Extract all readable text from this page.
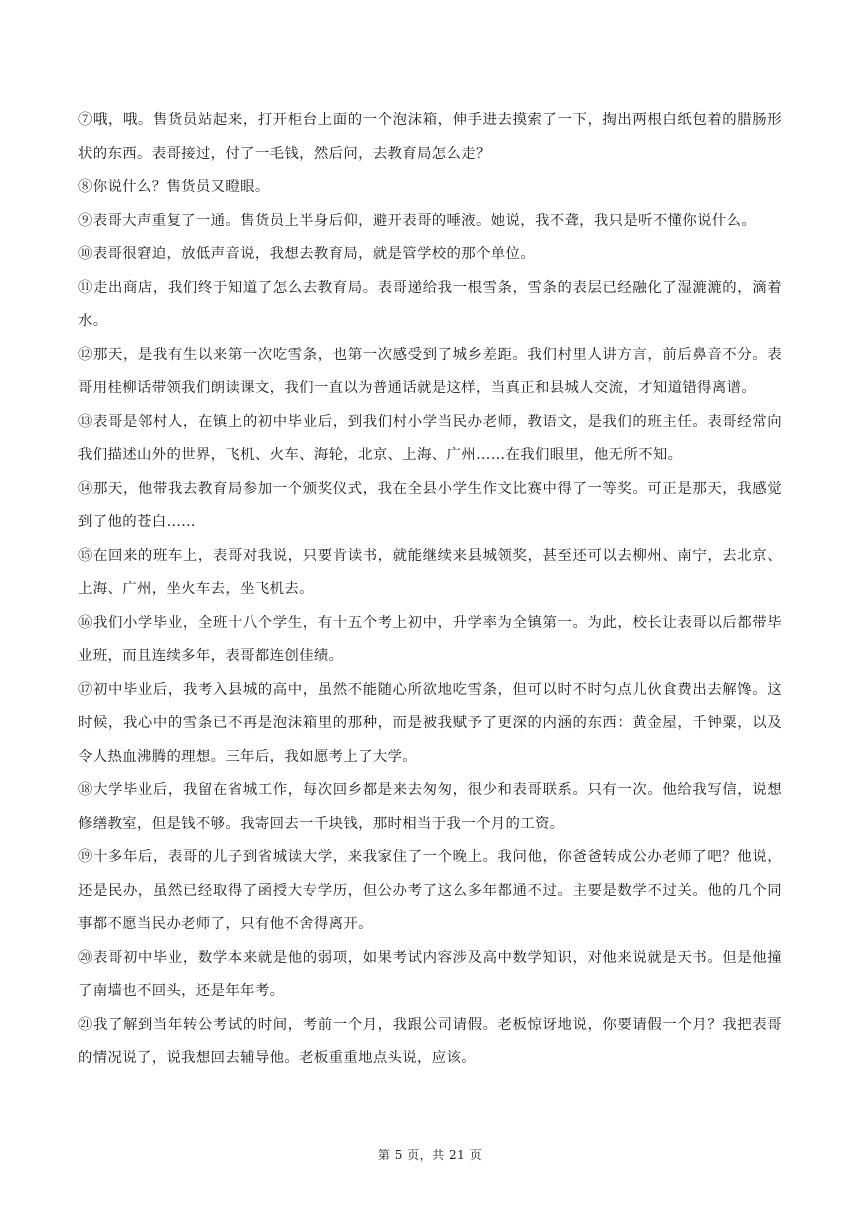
⑦哦，哦。售货员站起来，打开柜台上面的一个泡沫箱，伸手进去摸索了一下，掏出两根白纸包着的腊肠形状的东西。表哥接过，付了一毛钱，然后问，去教育局怎么走？

⑧你说什么？售货员又瞪眼。

⑨表哥大声重复了一通。售货员上半身后仰，避开表哥的唾液。她说，我不聋，我只是听不懂你说什么。

⑩表哥很窘迫，放低声音说，我想去教育局，就是管学校的那个单位。

⑪走出商店，我们终于知道了怎么去教育局。表哥递给我一根雪条，雪条的表层已经融化了湿漉漉的，滴着水。

⑫那天，是我有生以来第一次吃雪条，也第一次感受到了城乡差距。我们村里人讲方言，前后鼻音不分。表哥用桂柳话带领我们朗读课文，我们一直以为普通话就是这样，当真正和县城人交流，才知道错得离谱。

⑬表哥是邻村人，在镇上的初中毕业后，到我们村小学当民办老师，教语文，是我们的班主任。表哥经常向我们描述山外的世界，飞机、火车、海轮，北京、上海、广州……在我们眼里，他无所不知。

⑭那天，他带我去教育局参加一个颁奖仪式，我在全县小学生作文比赛中得了一等奖。可正是那天，我感觉到了他的苍白……

⑮在回来的班车上，表哥对我说，只要肯读书，就能继续来县城领奖，甚至还可以去柳州、南宁，去北京、上海、广州，坐火车去，坐飞机去。

⑯我们小学毕业，全班十八个学生，有十五个考上初中，升学率为全镇第一。为此，校长让表哥以后都带毕业班，而且连续多年，表哥都连创佳绩。

⑰初中毕业后，我考入县城的高中，虽然不能随心所欲地吃雪条，但可以时不时匀点儿伙食费出去解馋。这时候，我心中的雪条已不再是泡沫箱里的那种，而是被我赋予了更深的内涵的东西：黄金屋，千钟粟，以及令人热血沸腾的理想。三年后，我如愿考上了大学。

⑱大学毕业后，我留在省城工作，每次回乡都是来去匆匆，很少和表哥联系。只有一次。他给我写信，说想修缮教室，但是钱不够。我寄回去一千块钱，那时相当于我一个月的工资。

⑲十多年后，表哥的儿子到省城读大学，来我家住了一个晚上。我问他，你爸爸转成公办老师了吧？他说，还是民办，虽然已经取得了函授大专学历，但公办考了这么多年都通不过。主要是数学不过关。他的几个同事都不愿当民办老师了，只有他不舍得离开。

⑳表哥初中毕业，数学本来就是他的弱项，如果考试内容涉及高中数学知识，对他来说就是天书。但是他撞了南墙也不回头，还是年年考。

㉑我了解到当年转公考试的时间，考前一个月，我跟公司请假。老板惊讶地说，你要请假一个月？我把表哥的情况说了，说我想回去辅导他。老板重重地点头说，应该。

第 5 页，共 21 页
